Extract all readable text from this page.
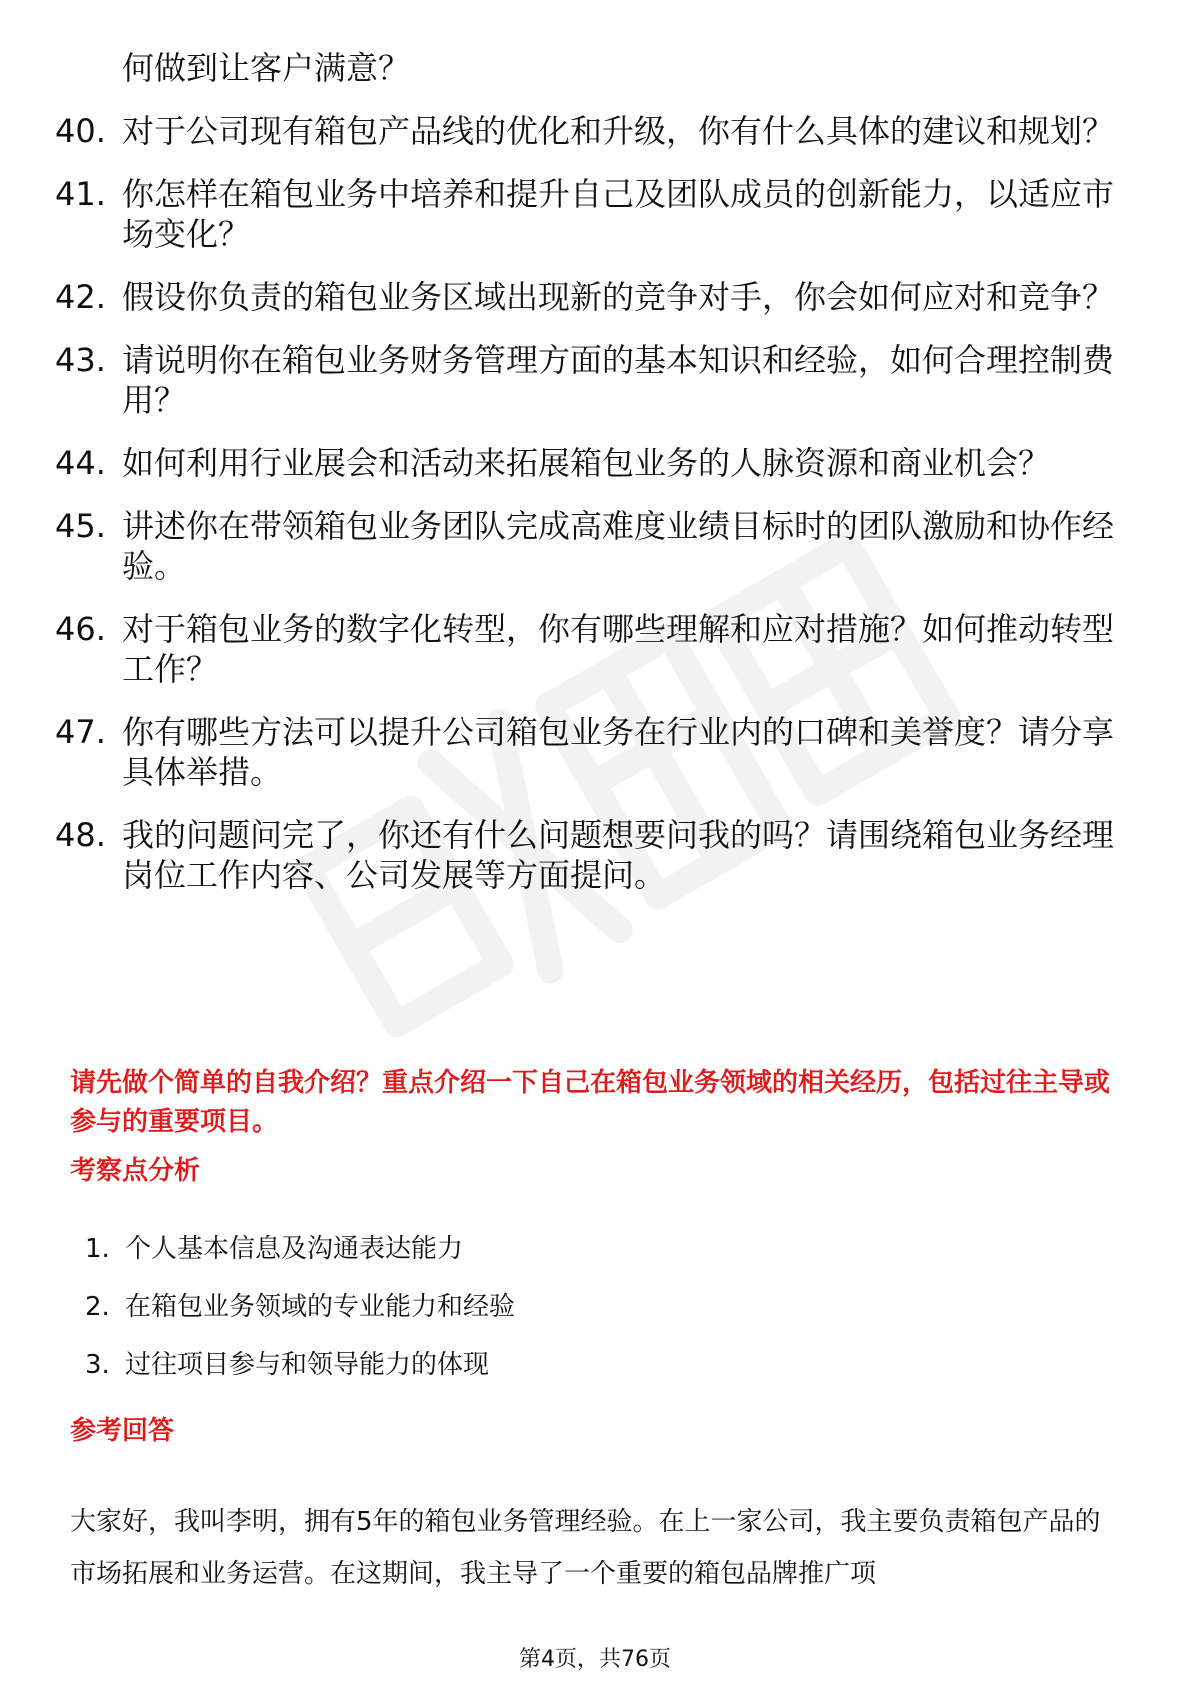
何做到让客户满意？
40. 对于公司现有箱包产品线的优化和升级，你有什么具体的建议和规划？
41. 你怎样在箱包业务中培养和提升自己及团队成员的创新能力，以适应市场变化？
42. 假设你负责的箱包业务区域出现新的竞争对手，你会如何应对和竞争？
43. 请说明你在箱包业务财务管理方面的基本知识和经验，如何合理控制费用？
44. 如何利用行业展会和活动来拓展箱包业务的人脉资源和商业机会？
45. 讲述你在带领箱包业务团队完成高难度业绩目标时的团队激励和协作经验。
46. 对于箱包业务的数字化转型，你有哪些理解和应对措施？如何推动转型工作？
47. 你有哪些方法可以提升公司箱包业务在行业内的口碑和美誉度？请分享具体举措。
48. 我的问题问完了，你还有什么问题想要问我的吗？请围绕箱包业务经理岗位工作内容、公司发展等方面提问。
请先做个简单的自我介绍？重点介绍一下自己在箱包业务领域的相关经历，包括过往主导或参与的重要项目。
考察点分析
1. 个人基本信息及沟通表达能力
2. 在箱包业务领域的专业能力和经验
3. 过往项目参与和领导能力的体现
参考回答
大家好，我叫李明，拥有5年的箱包业务管理经验。在上一家公司，我主要负责箱包产品的市场拓展和业务运营。在这期间，我主导了一个重要的箱包品牌推广项
第4页，共76页
